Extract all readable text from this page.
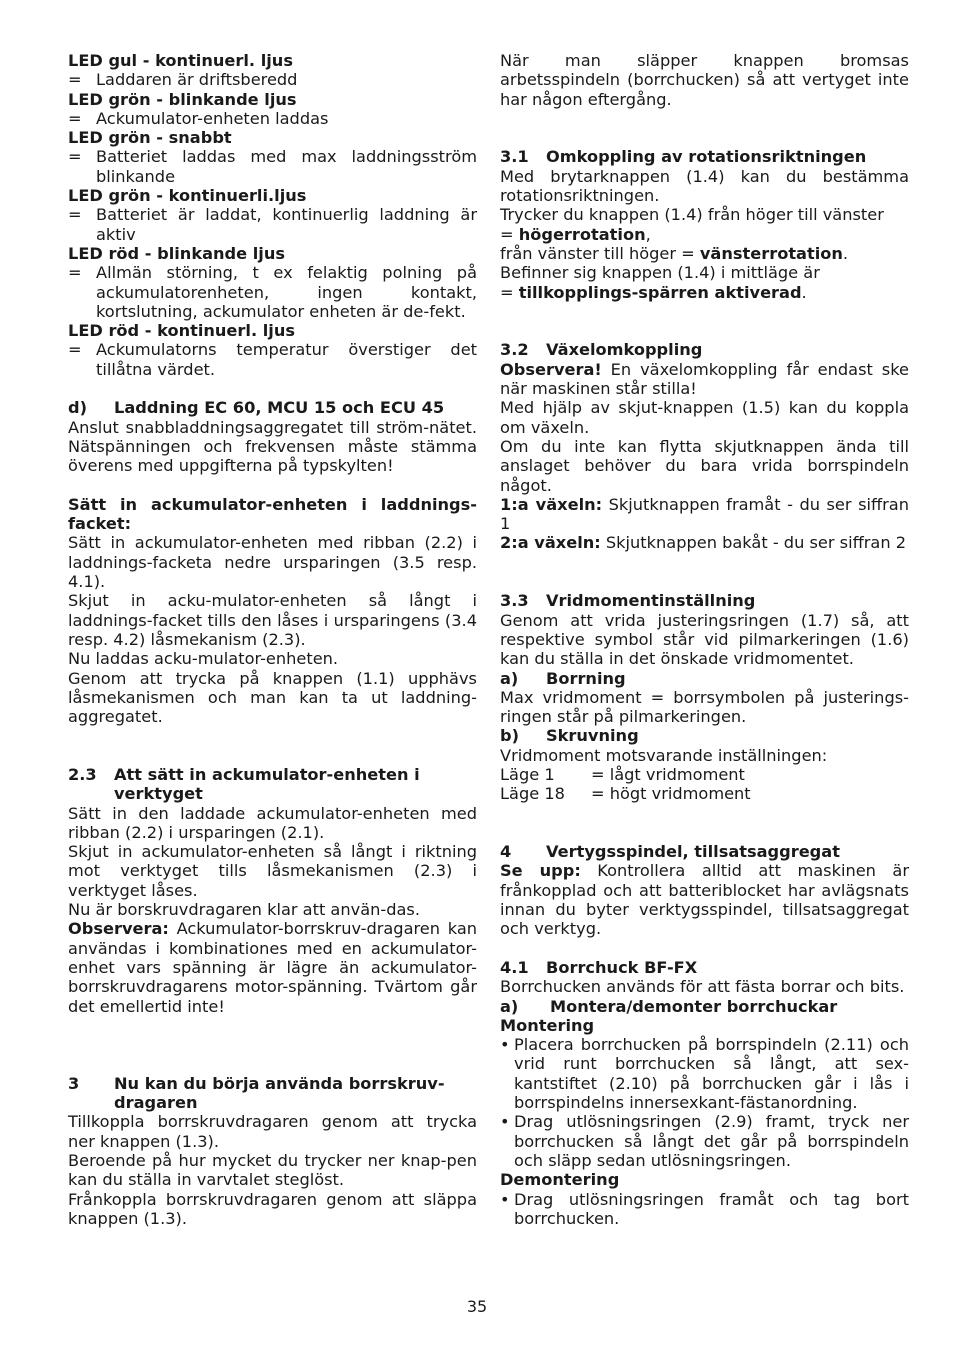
LED gul - kontinuerl. ljus
= Laddaren är driftsberedd
LED grön - blinkande ljus
= Ackumulator-enheten laddas
LED grön - snabbt
= Batteriet laddas med max laddningsström blinkande
LED grön - kontinuerli.ljus
= Batteriet är laddat, kontinuerlig laddning är aktiv
LED röd - blinkande ljus
= Allmän störning, t ex felaktig polning på ackumulatorenheten, ingen kontakt, kortslutning, ackumulator enheten är de-fekt.
LED röd - kontinuerl. ljus
= Ackumulatorns temperatur överstiger det tillåtna värdet.
d)	Laddning EC 60, MCU 15 och ECU 45
Anslut snabbladdningsaggregatet till ström-nätet. Nätspänningen och frekvensen måste stämma överens med uppgifterna på typskylten!
Sätt in ackumulator-enheten i laddnings-facket:
Sätt in ackumulator-enheten med ribban (2.2) i laddnings-facketa nedre ursparingen (3.5 resp. 4.1).
Skjut in acku-mulator-enheten så långt i laddnings-facket tills den låses i ursparingens (3.4 resp. 4.2) låsmekanism (2.3).
Nu laddas acku-mulator-enheten.
Genom att trycka på knappen (1.1) upphävs låsmekanismen och man kan ta ut laddning-aggregatet.
2.3	Att sätt in ackumulator-enheten i verktyget
Sätt in den laddade ackumulator-enheten med ribban (2.2) i ursparingen (2.1).
Skjut in ackumulator-enheten så långt i riktning mot verktyget tills låsmekanismen (2.3) i verktyget låses.
Nu är borskruvdragaren klar att använ-das.
Observera: Ackumulator-borrskruv-dragaren kan användas i kombinationes med en ackumulator-enhet vars spänning är lägre än ackumulator-borrskruvdragarens motor-spänning. Tvärtom går det emellertid inte!
3	Nu kan du börja använda borrskruv-dragaren
Tillkoppla borrskruvdragaren genom att trycka ner knappen (1.3).
Beroende på hur mycket du trycker ner knap-pen kan du ställa in varvtalet steglöst.
Frånkoppla borrskruvdragaren genom att släppa knappen (1.3).
När man släpper knappen bromsas arbetsspindeln (borrchucken) så att vertyget inte har någon eftergång.
3.1	Omkoppling av rotationsriktningen
Med brytarknappen (1.4) kan du bestämma rotationsriktningen.
Trycker du knappen (1.4) från höger till vänster
= högerrotation,
från vänster till höger = vänsterrotation.
Befinner sig knappen (1.4) i mittläge är
= tillkopplings-spärren aktiverad.
3.2	Växelomkoppling
Observera! En växelomkoppling får endast ske när maskinen står stilla!
Med hjälp av skjut-knappen (1.5) kan du koppla om växeln.
Om du inte kan flytta skjutknappen ända till anslaget behöver du bara vrida borrspindeln något.
1:a växeln: Skjutknappen framåt - du ser siffran 1
2:a växeln: Skjutknappen bakåt - du ser siffran 2
3.3	Vridmomentinställning
Genom att vrida justeringsringen (1.7) så, att respektive symbol står vid pilmarkeringen (1.6) kan du ställa in det önskade vridmomentet.
a)	Borrning
Max vridmoment = borrsymbolen på justerings-ringen står på pilmarkeringen.
b)	Skruvning
Vridmoment motsvarande inställningen:
Läge 1	= lågt vridmoment
Läge 18	= högt vridmoment
4	Vertygsspindel, tillsatsaggregat
Se upp: Kontrollera alltid att maskinen är frånkopplad och att batteriblocket har avlägsnats innan du byter verktygsspindel, tillsatsaggregat och verktyg.
4.1	Borrchuck BF-FX
Borrchucken används för att fästa borrar och bits.
a)	Montera/demonter borrchuckar
Montering
• Placera borrchucken på borrspindeln (2.11) och vrid runt borrchucken så långt, att sex-kantstiftet (2.10) på borrchucken går i lås i borrspindelns innersexkant-fästanordning.
• Drag utlösningsringen (2.9) framt, tryck ner borrchucken så långt det går på borrspindeln och släpp sedan utlösningsringen.
Demontering
• Drag utlösningsringen framåt och tag bort borrchucken.
35
